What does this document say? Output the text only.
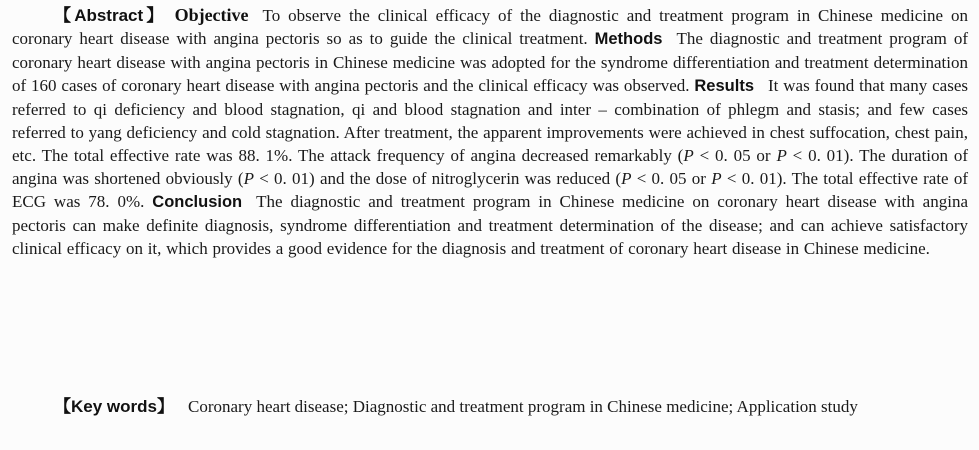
【Abstract】 Objective To observe the clinical efficacy of the diagnostic and treatment program in Chinese medicine on coronary heart disease with angina pectoris so as to guide the clinical treatment. Methods The diagnostic and treatment program of coronary heart disease with angina pectoris in Chinese medicine was adopted for the syndrome differentiation and treatment determination of 160 cases of coronary heart disease with angina pectoris and the clinical efficacy was observed. Results It was found that many cases referred to qi deficiency and blood stagnation, qi and blood stagnation and inter – combination of phlegm and stasis; and few cases referred to yang deficiency and cold stagnation. After treatment, the apparent improvements were achieved in chest suffocation, chest pain, etc. The total effective rate was 88. 1%. The attack frequency of angina decreased remarkably (P < 0. 05 or P < 0. 01). The duration of angina was shortened obviously (P < 0. 01) and the dose of nitroglycerin was reduced (P < 0. 05 or P < 0. 01). The total effective rate of ECG was 78. 0%. Conclusion The diagnostic and treatment program in Chinese medicine on coronary heart disease with angina pectoris can make definite diagnosis, syndrome differentiation and treatment determination of the disease; and can achieve satisfactory clinical efficacy on it, which provides a good evidence for the diagnosis and treatment of coronary heart disease in Chinese medicine.

【Key words】 Coronary heart disease; Diagnostic and treatment program in Chinese medicine; Application study
